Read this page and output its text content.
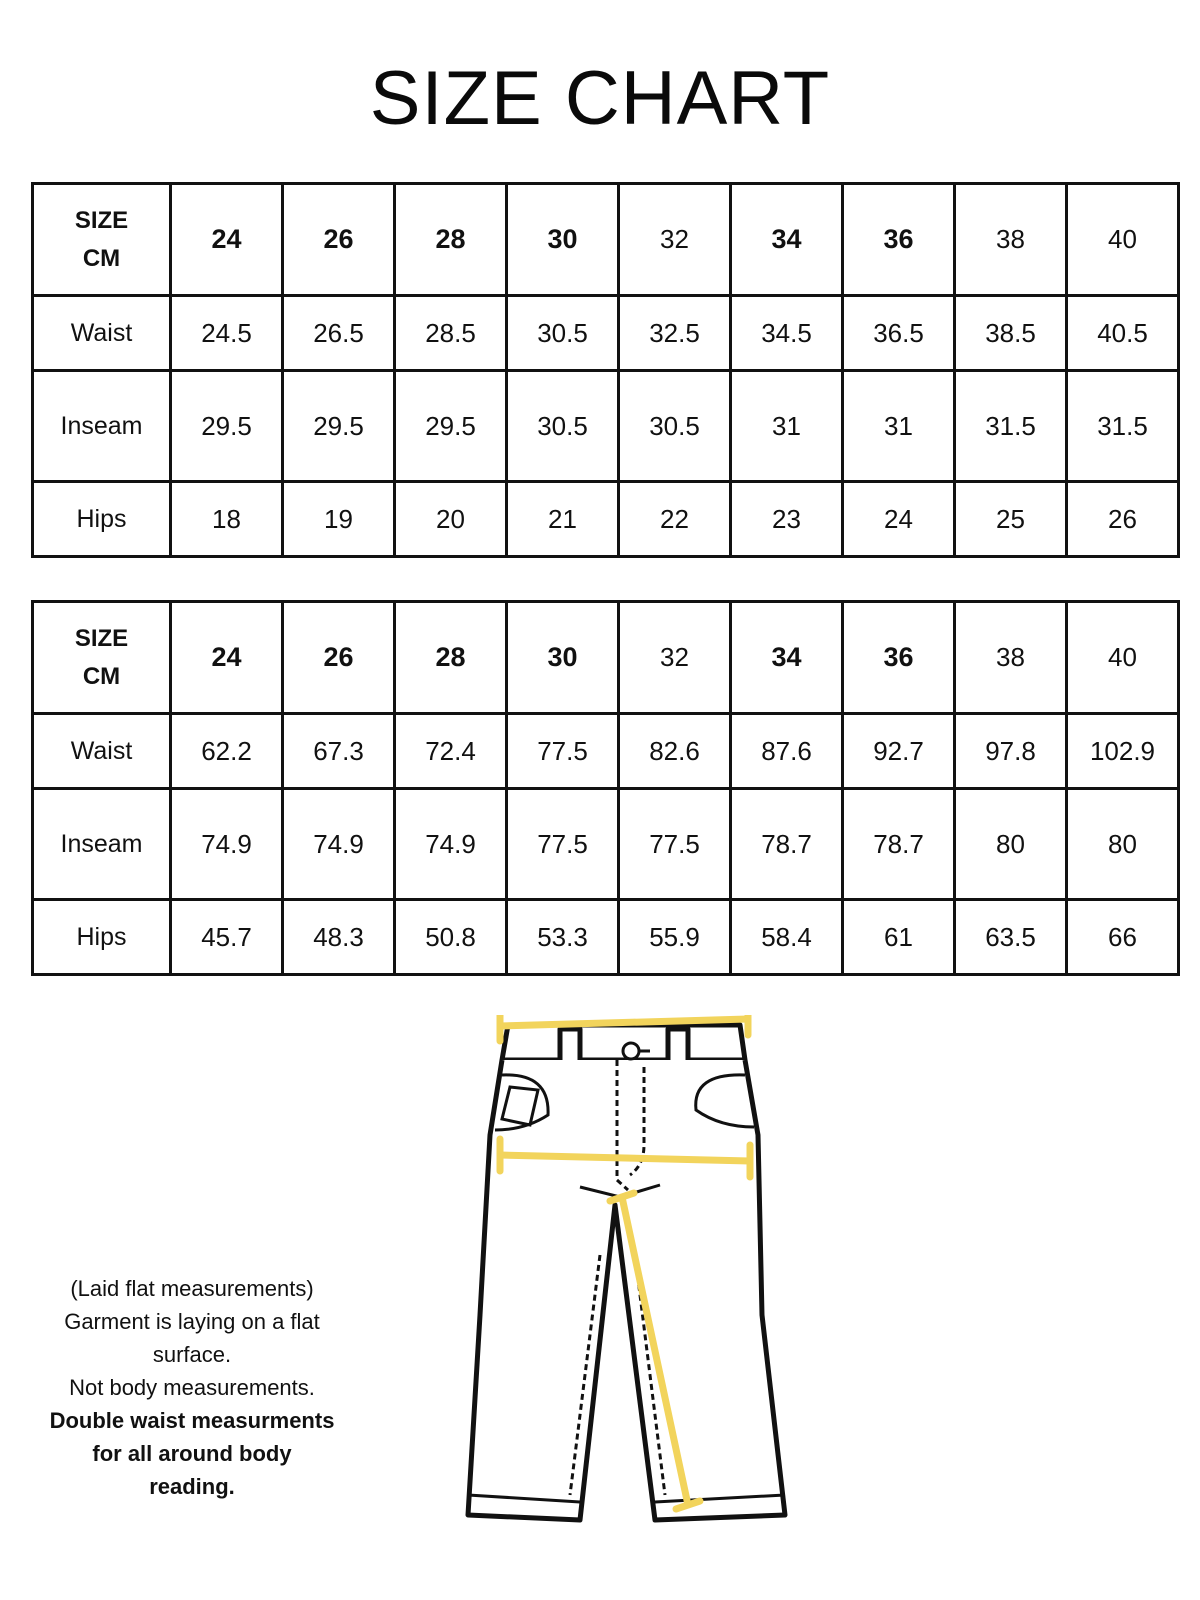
SIZE CHART
SIZE
CM	24	26	28	30	32	34	36	38	40
Waist	24.5	26.5	28.5	30.5	32.5	34.5	36.5	38.5	40.5
Inseam	29.5	29.5	29.5	30.5	30.5	31	31	31.5	31.5
Hips	18	19	20	21	22	23	24	25	26
SIZE
CM	24	26	28	30	32	34	36	38	40
Waist	62.2	67.3	72.4	77.5	82.6	87.6	92.7	97.8	102.9
Inseam	74.9	74.9	74.9	77.5	77.5	78.7	78.7	80	80
Hips	45.7	48.3	50.8	53.3	55.9	58.4	61	63.5	66
(Laid flat measurements)
Garment is laying on a flat
surface.
Not body measurements.
Double waist measurments
for all around body
reading.
